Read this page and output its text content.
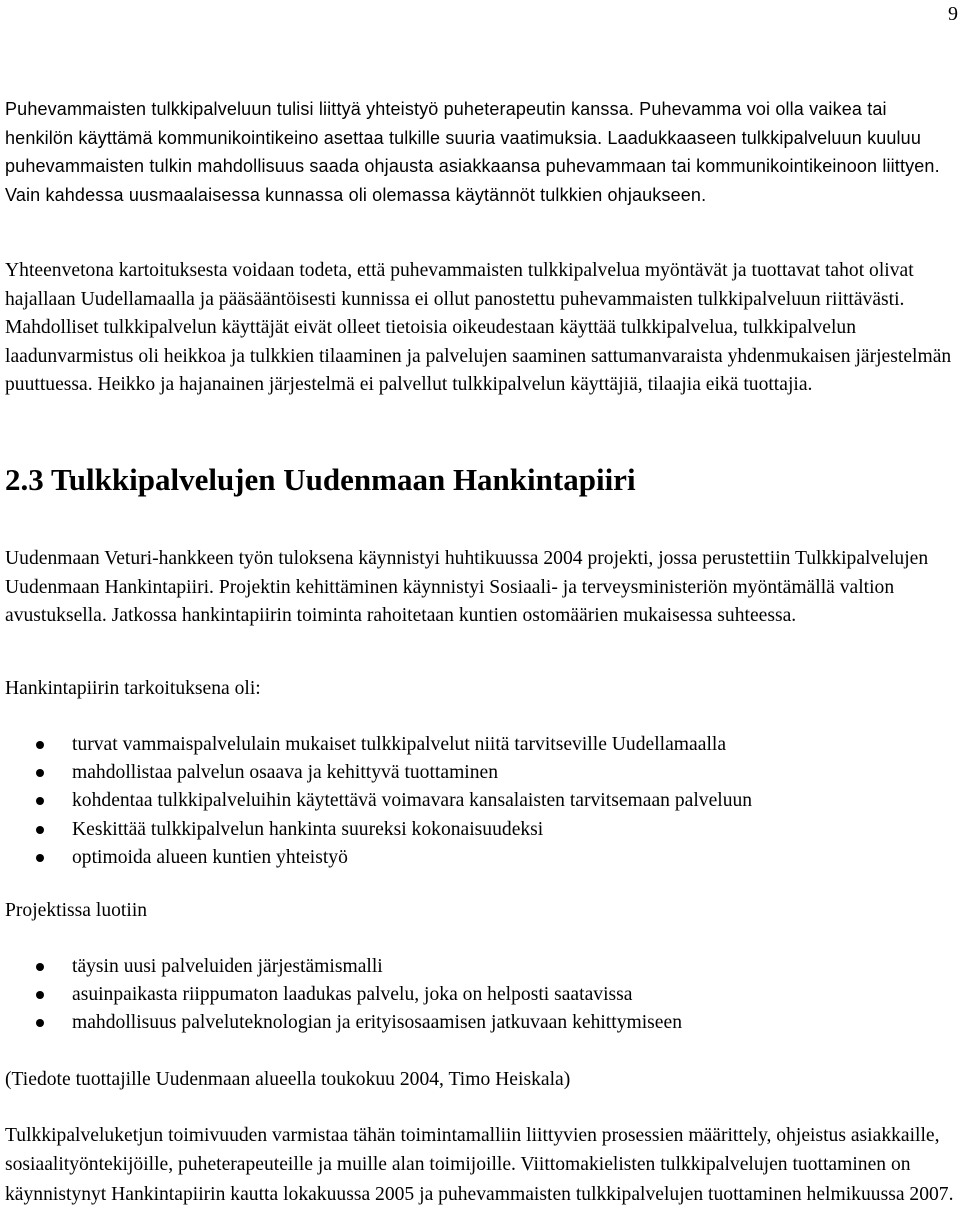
9

Puhevammaisten tulkkipalveluun tulisi liittyä yhteistyö puheterapeutin kanssa. Puhevamma voi olla vaikea tai henkilön käyttämä kommunikointikeino asettaa tulkille suuria vaatimuksia. Laadukkaaseen tulkkipalveluun kuuluu puhevammaisten tulkin mahdollisuus saada ohjausta asiakkaansa puhevammaan tai kommunikointikeinoon liittyen. Vain kahdessa uusmaalaisessa kunnassa oli olemassa käytännöt tulkkien ohjaukseen.

Yhteenvetona kartoituksesta voidaan todeta, että puhevammaisten tulkkipalvelua myöntävät ja tuottavat tahot olivat hajallaan Uudellamaalla ja pääsääntöisesti kunnissa ei ollut panostettu puhevammaisten tulkkipalveluun riittävästi. Mahdolliset tulkkipalvelun käyttäjät eivät olleet tietoisia oikeudestaan käyttää tulkkipalvelua, tulkkipalvelun laadunvarmistus oli heikkoa ja tulkkien tilaaminen ja palvelujen saaminen sattumanvaraista yhdenmukaisen järjestelmän puuttuessa. Heikko ja hajanainen järjestelmä ei palvellut tulkkipalvelun käyttäjiä, tilaajia eikä tuottajia.

2.3 Tulkkipalvelujen Uudenmaan Hankintapiiri

Uudenmaan Veturi-hankkeen työn tuloksena käynnistyi huhtikuussa 2004 projekti, jossa perustettiin Tulkkipalvelujen Uudenmaan Hankintapiiri. Projektin kehittäminen käynnistyi Sosiaali- ja terveysministeriön myöntämällä valtion avustuksella. Jatkossa hankintapiirin toiminta rahoitetaan kuntien ostomäärien mukaisessa suhteessa.

Hankintapiirin tarkoituksena oli:

turvat vammaispalvelulain mukaiset tulkkipalvelut niitä tarvitseville Uudellamaalla
mahdollistaa palvelun osaava ja kehittyvä tuottaminen
kohdentaa tulkkipalveluihin käytettävä voimavara kansalaisten tarvitsemaan palveluun
Keskittää tulkkipalvelun hankinta suureksi kokonaisuudeksi
optimoida alueen kuntien yhteistyö

Projektissa luotiin

täysin uusi palveluiden järjestämismalli
asuinpaikasta riippumaton laadukas palvelu, joka on helposti saatavissa
mahdollisuus palveluteknologian ja erityisosaamisen jatkuvaan kehittymiseen

(Tiedote tuottajille Uudenmaan alueella toukokuu 2004, Timo Heiskala)

Tulkkipalveluketjun toimivuuden varmistaa tähän toimintamalliin liittyvien prosessien määrittely, ohjeistus asiakkaille, sosiaalityöntekijöille, puheterapeuteille ja muille alan toimijoille. Viittomakielisten tulkkipalvelujen tuottaminen on käynnistynyt Hankintapiirin kautta lokakuussa 2005 ja puhevammaisten tulkkipalvelujen tuottaminen helmikuussa 2007.
